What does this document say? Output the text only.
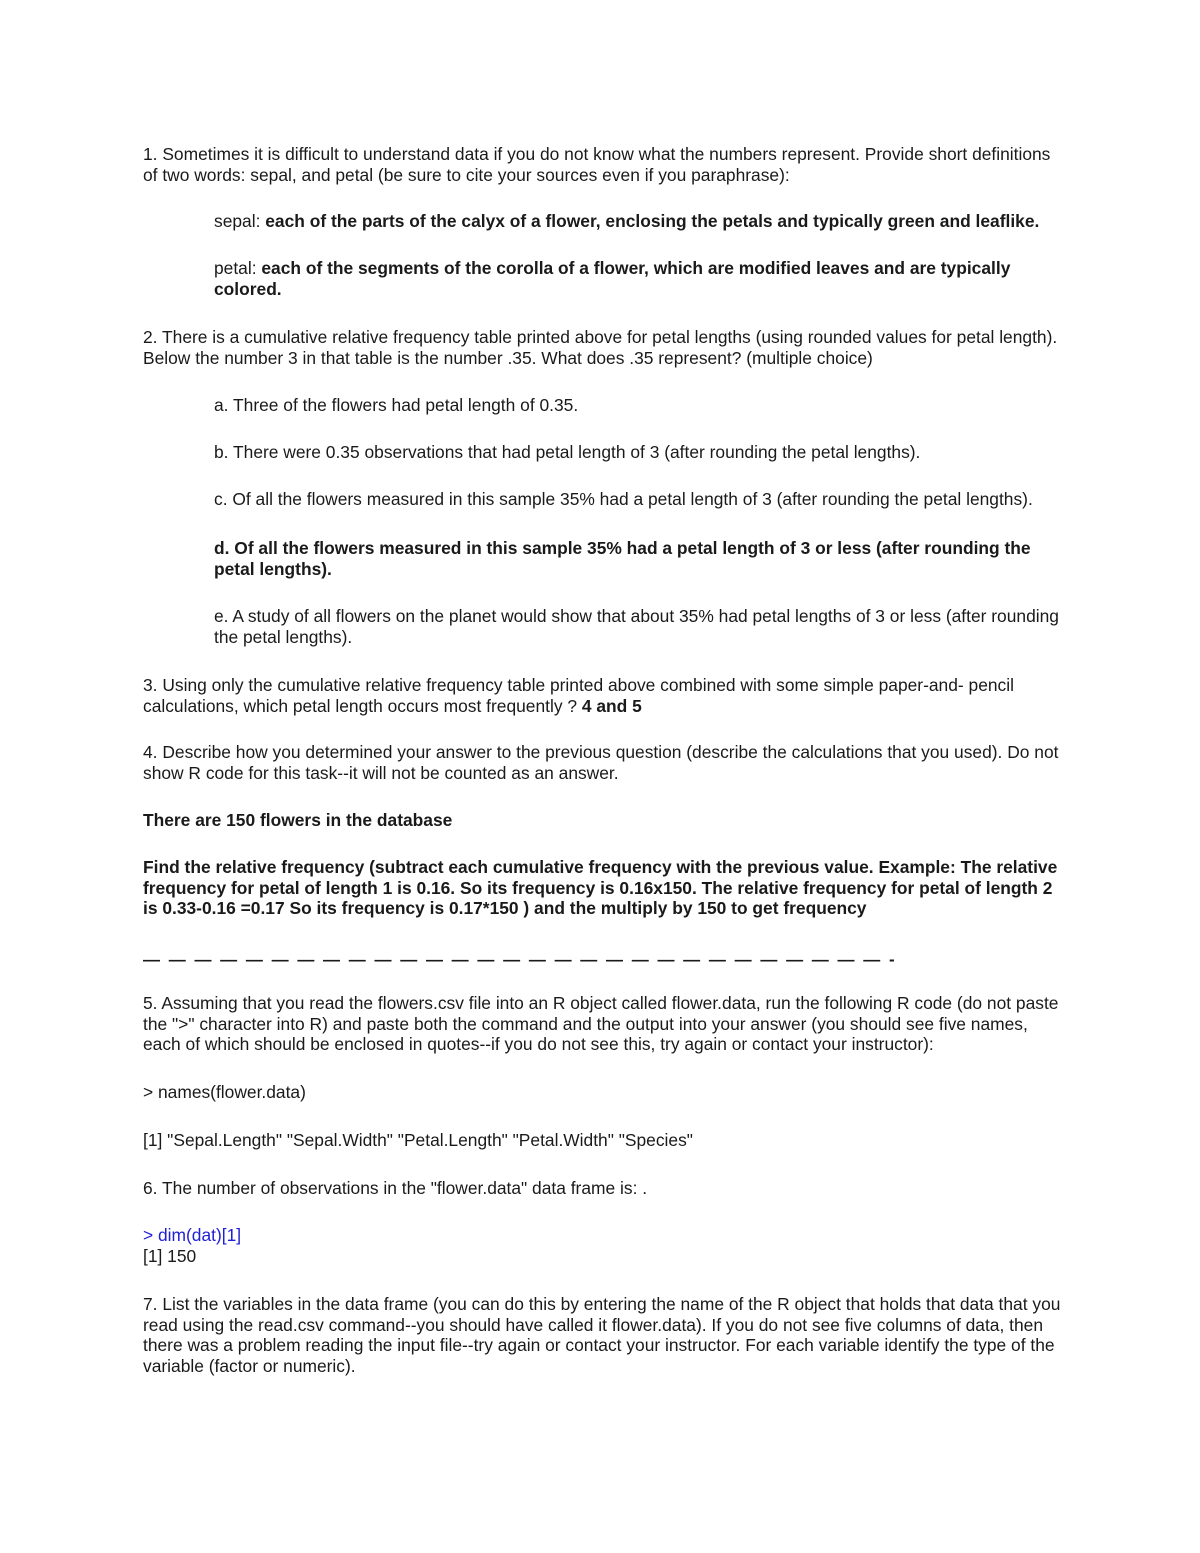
1. Sometimes it is difficult to understand data if you do not know what the numbers represent. Provide short definitions of two words: sepal, and petal (be sure to cite your sources even if you paraphrase):

sepal: each of the parts of the calyx of a flower, enclosing the petals and typically green and leaflike.

petal: each of the segments of the corolla of a flower, which are modified leaves and are typically colored.

2. There is a cumulative relative frequency table printed above for petal lengths (using rounded values for petal length). Below the number 3 in that table is the number .35. What does .35 represent? (multiple choice)

a. Three of the flowers had petal length of 0.35.

b. There were 0.35 observations that had petal length of 3 (after rounding the petal lengths).

c. Of all the flowers measured in this sample 35% had a petal length of 3 (after rounding the petal lengths).

d. Of all the flowers measured in this sample 35% had a petal length of 3 or less (after rounding the petal lengths).

e. A study of all flowers on the planet would show that about 35% had petal lengths of 3 or less (after rounding the petal lengths).

3. Using only the cumulative relative frequency table printed above combined with some simple paper-and- pencil calculations, which petal length occurs most frequently ? 4 and 5

4. Describe how you determined your answer to the previous question (describe the calculations that you used). Do not show R code for this task--it will not be counted as an answer.

There are 150 flowers in the database

Find the relative frequency (subtract each cumulative frequency with the previous value. Example: The relative frequency for petal of length 1 is 0.16. So its frequency is 0.16x150. The relative frequency for petal of length 2 is 0.33-0.16 =0.17 So its frequency is 0.17*150 ) and the multiply by 150 to get frequency

— — — — — — — — — — — — — — — — — — — — — — — — — — — — — -

5. Assuming that you read the flowers.csv file into an R object called flower.data, run the following R code (do not paste the ">" character into R) and paste both the command and the output into your answer (you should see five names, each of which should be enclosed in quotes--if you do not see this, try again or contact your instructor):

> names(flower.data)

[1] "Sepal.Length" "Sepal.Width" "Petal.Length" "Petal.Width" "Species"

6. The number of observations in the "flower.data" data frame is: .

> dim(dat)[1]

[1] 150

7. List the variables in the data frame (you can do this by entering the name of the R object that holds that data that you read using the read.csv command--you should have called it flower.data). If you do not see five columns of data, then there was a problem reading the input file--try again or contact your instructor. For each variable identify the type of the variable (factor or numeric).
